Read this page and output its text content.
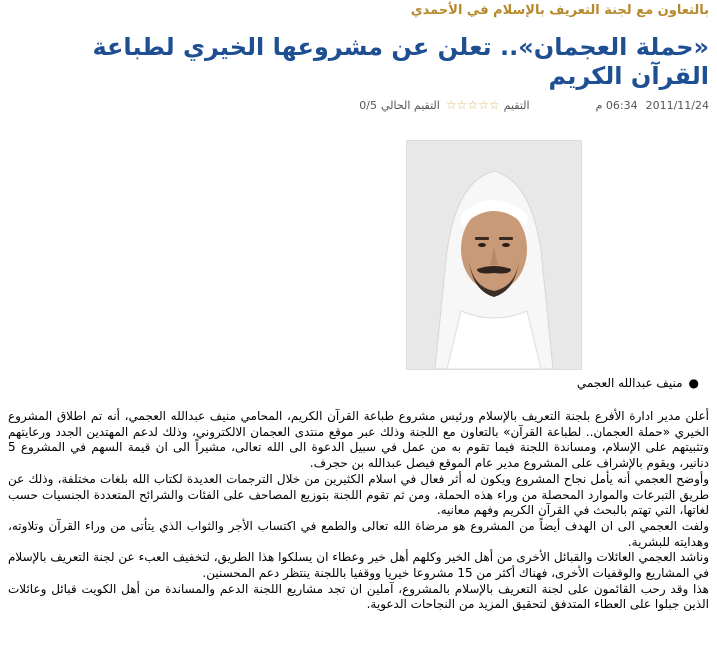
بالتعاون مع لجنة التعريف بالإسلام في الأحمدي
«حملة العجمان».. تعلن عن مشروعها الخيري لطباعة القرآن الكريم
2011/11/24
06:34 م
التقيم
☆ ☆ ☆ ☆ ☆
التقيم الحالي
0/5
●
منيف عبدالله العجمي

أعلن مدير ادارة الأفرع بلجنة التعريف بالإسلام ورئيس مشروع طباعة القرآن الكريم، المحامي منيف عبدالله العجمي، أنه تم اطلاق المشروع الخيري «حملة العجمان.. لطباعة القرآن» بالتعاون مع اللجنة وذلك عبر موقع منتدى العجمان الالكتروني، وذلك لدعم المهتدين الجدد ورعايتهم وتثبيتهم على الإسلام، ومساندة اللجنة فيما تقوم به من عمل في سبيل الدعوة الى الله تعالى، مشيراً الى ان قيمة السهم في المشروع 5 دنانير، ويقوم بالإشراف على المشروع مدير عام الموقع فيصل عبدالله بن حجرف.

وأوضح العجمي أنه يأمل نجاح المشروع ويكون له أثر فعال في اسلام الكثيرين من خلال الترجمات العديدة لكتاب الله بلغات مختلفة، وذلك عن طريق التبرعات والموارد المحصلة من وراء هذه الحملة، ومن ثم تقوم اللجنة بتوزيع المصاحف على الفئات والشرائح المتعددة الجنسيات حسب لغاتها، التي تهتم بالبحث في القرآن الكريم وفهم معانيه.

ولفت العجمي الى ان الهدف أيضاً من المشروع هو مرضاة الله تعالى والطمع في اكتساب الأجر والثواب الذي يتأتى من وراء القرآن وتلاوته، وهدايته للبشرية.

وناشد العجمي العائلات والقبائل الأخرى من أهل الخير وكلهم أهل خير وعطاء ان يسلكوا هذا الطريق، لتخفيف العبء عن لجنة التعريف بالإسلام في المشاريع والوقفيات الأخرى، فهناك أكثر من 15 مشروعا خيريا ووقفيا باللجنة ينتظر دعم المحسنين.

هذا وقد رحب القائمون على لجنة التعريف بالإسلام بالمشروع، آملين ان تجد مشاريع اللجنة الدعم والمساندة من أهل الكويت قبائل وعائلات الذين جبلوا على العطاء المتدفق لتحقيق المزيد من النجاحات الدعوية.
